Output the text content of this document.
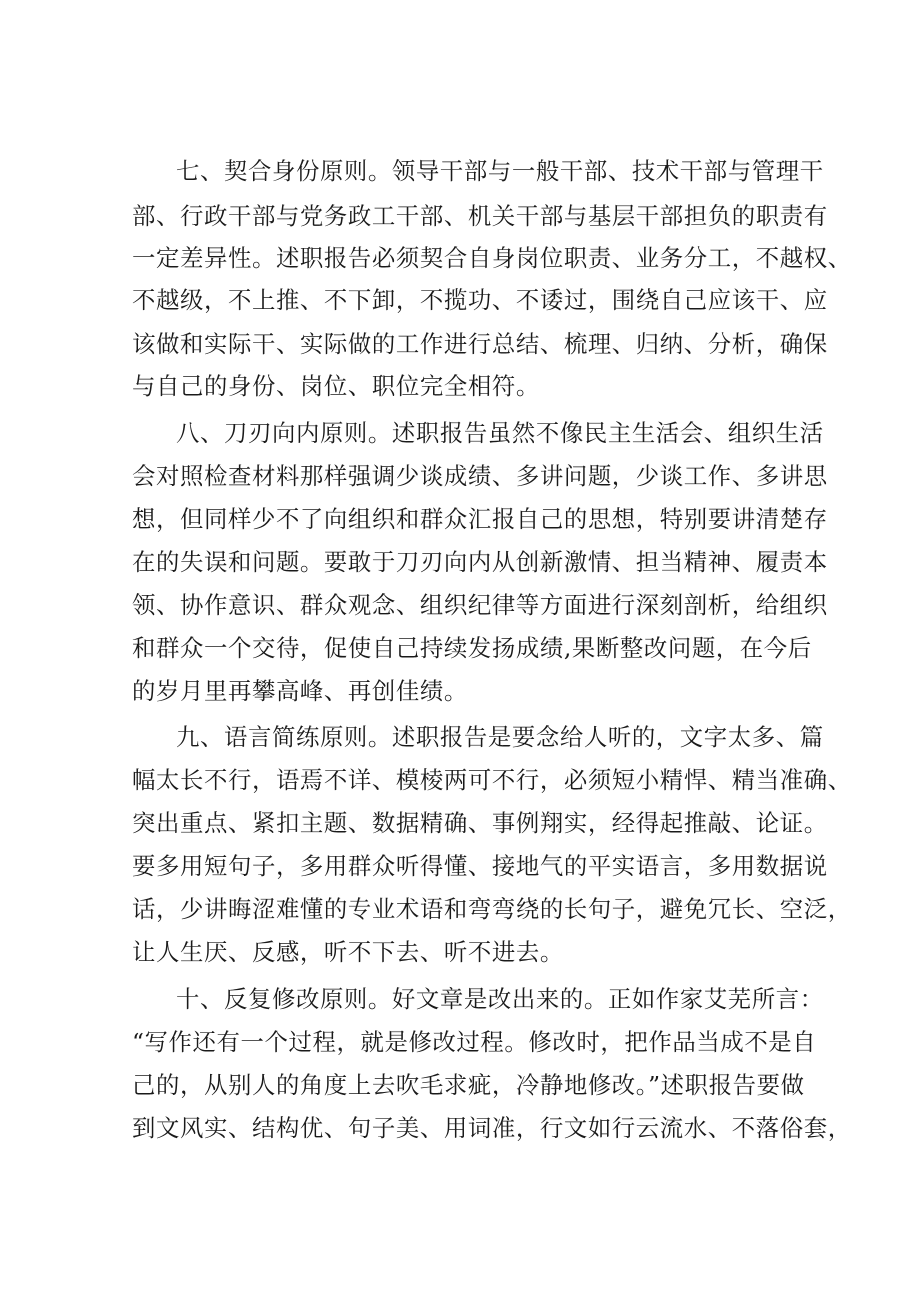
七、契合身份原则。领导干部与一般干部、技术干部与管理干
部、行政干部与党务政工干部、机关干部与基层干部担负的职责有
一定差异性。述职报告必须契合自身岗位职责、业务分工，不越权、
不越级，不上推、不下卸，不揽功、不诿过，围绕自己应该干、应
该做和实际干、实际做的工作进行总结、梳理、归纳、分析，确保
与自己的身份、岗位、职位完全相符。
八、刀刃向内原则。述职报告虽然不像民主生活会、组织生活
会对照检查材料那样强调少谈成绩、多讲问题，少谈工作、多讲思
想，但同样少不了向组织和群众汇报自己的思想，特别要讲清楚存
在的失误和问题。要敢于刀刃向内从创新激情、担当精神、履责本
领、协作意识、群众观念、组织纪律等方面进行深刻剖析，给组织
和群众一个交待，促使自己持续发扬成绩,果断整改问题，在今后
的岁月里再攀高峰、再创佳绩。
九、语言简练原则。述职报告是要念给人听的，文字太多、篇
幅太长不行，语焉不详、模棱两可不行，必须短小精悍、精当准确、
突出重点、紧扣主题、数据精确、事例翔实，经得起推敲、论证。
要多用短句子，多用群众听得懂、接地气的平实语言，多用数据说
话，少讲晦涩难懂的专业术语和弯弯绕的长句子，避免冗长、空泛，
让人生厌、反感，听不下去、听不进去。
十、反复修改原则。好文章是改出来的。正如作家艾芜所言：
“写作还有一个过程，就是修改过程。修改时，把作品当成不是自
己的，从别人的角度上去吹毛求疵，冷静地修改。”述职报告要做
到文风实、结构优、句子美、用词准，行文如行云流水、不落俗套，
